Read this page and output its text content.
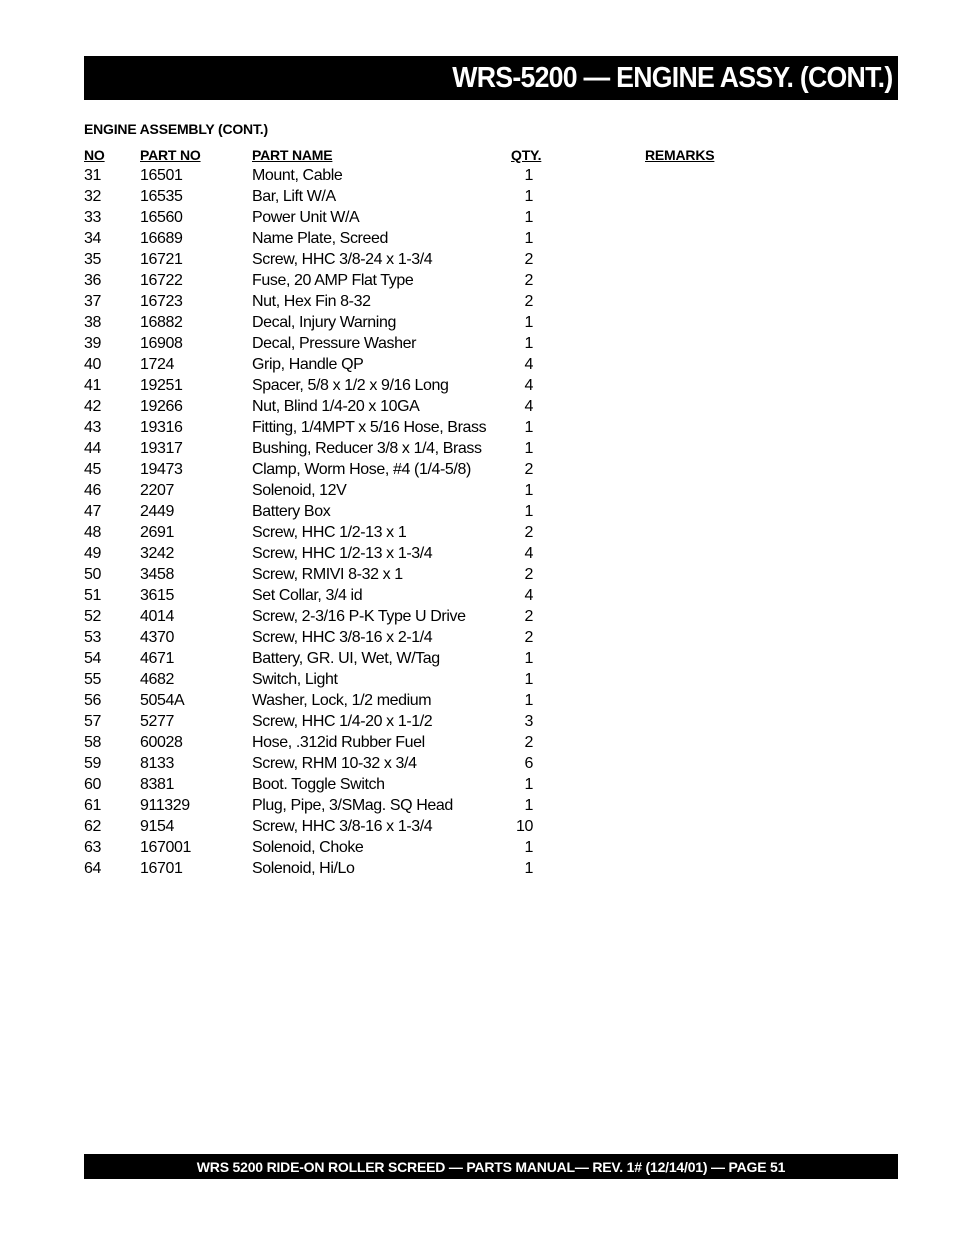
WRS-5200 — ENGINE ASSY. (CONT.)
ENGINE ASSEMBLY (CONT.)
NO	PART NO	PART NAME	QTY.	REMARKS
31 16501	Mount, Cable	1
32 16535	Bar, Lift W/A	1
33 16560	Power Unit W/A	1
34 16689	Name Plate, Screed	1
35 16721	Screw, HHC 3/8-24 x 1-3/4	2
36 16722	Fuse, 20 AMP Flat Type	2
37 16723	Nut, Hex Fin 8-32	2
38 16882	Decal, Injury Warning	1
39 16908	Decal, Pressure Washer	1
40 1724	Grip, Handle QP	4
41 19251	Spacer, 5/8 x 1/2 x 9/16 Long	4
42 19266	Nut, Blind 1/4-20 x 10GA	4
43 19316	Fitting, 1/4MPT x 5/16 Hose, Brass	1
44 19317	Bushing, Reducer 3/8 x 1/4, Brass	1
45 19473	Clamp, Worm Hose, #4 (1/4-5/8)	2
46 2207	Solenoid, 12V	1
47 2449	Battery Box	1
48 2691	Screw, HHC 1/2-13 x 1	2
49 3242	Screw, HHC 1/2-13 x 1-3/4	4
50 3458	Screw, RMIVI 8-32 x 1	2
51 3615	Set Collar, 3/4 id	4
52 4014	Screw, 2-3/16 P-K Type U Drive	2
53 4370	Screw, HHC 3/8-16 x 2-1/4	2
54 4671	Battery, GR. UI, Wet, W/Tag	1
55 4682	Switch, Light	1
56 5054A	Washer, Lock, 1/2 medium	1
57 5277	Screw, HHC 1/4-20 x 1-1/2	3
58 60028	Hose, .312id Rubber Fuel	2
59 8133	Screw, RHM 10-32 x 3/4	6
60 8381	Boot. Toggle Switch	1
61 911329	Plug, Pipe, 3/SMag. SQ Head	1
62 9154	Screw, HHC 3/8-16 x 1-3/4	10
63 167001	Solenoid, Choke	1
64 16701	Solenoid, Hi/Lo	1
WRS 5200 RIDE-ON ROLLER SCREED — PARTS MANUAL— REV. 1# (12/14/01) — PAGE 51
